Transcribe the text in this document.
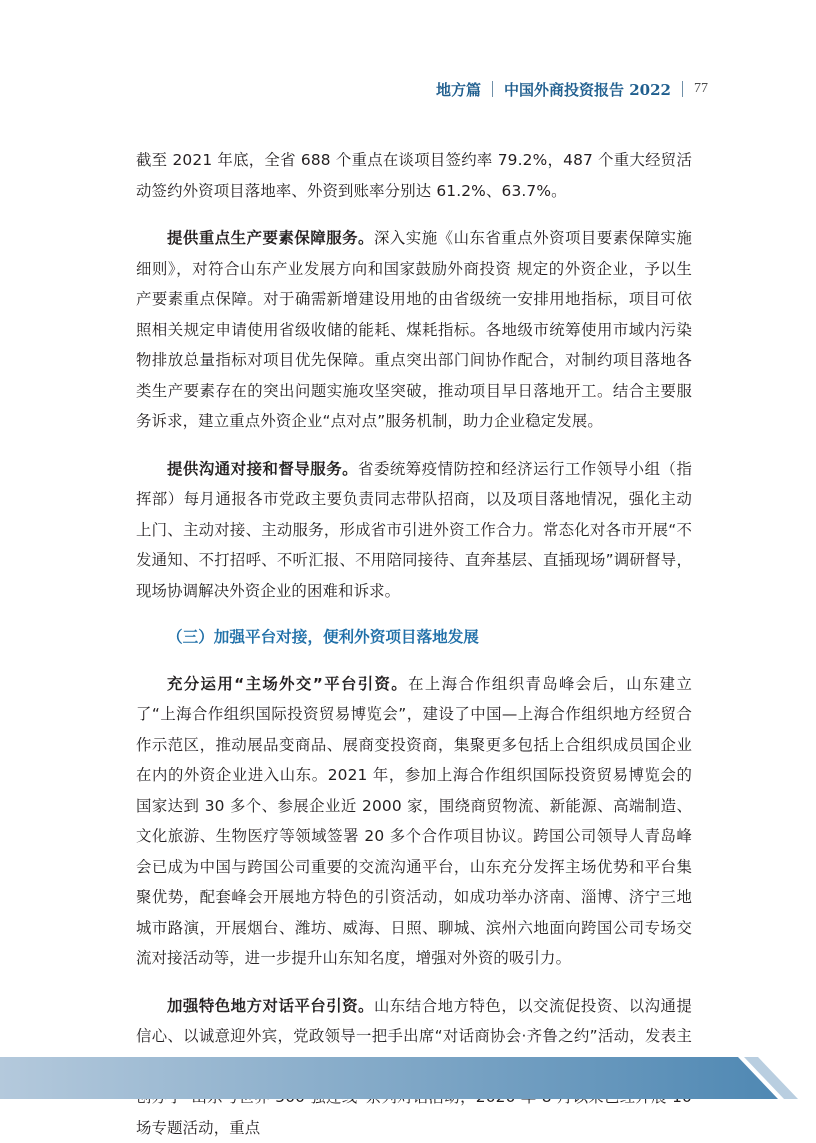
地方篇 中国外商投资报告 2022 77

截至 2021 年底，全省 688 个重点在谈项目签约率 79.2%，487 个重大经贸活动签约外资项目落地率、外资到账率分别达 61.2%、63.7%。

提供重点生产要素保障服务。深入实施《山东省重点外资项目要素保障实施细则》，对符合山东产业发展方向和国家鼓励外商投资 规定的外资企业，予以生产要素重点保障。对于确需新增建设用地的由省级统一安排用地指标，项目可依照相关规定申请使用省级收储的能耗、煤耗指标。各地级市统筹使用市域内污染物排放总量指标对项目优先保障。重点突出部门间协作配合，对制约项目落地各类生产要素存在的突出问题实施攻坚突破，推动项目早日落地开工。结合主要服务诉求，建立重点外资企业“点对点”服务机制，助力企业稳定发展。

提供沟通对接和督导服务。省委统筹疫情防控和经济运行工作领导小组（指挥部）每月通报各市党政主要负责同志带队招商，以及项目落地情况，强化主动上门、主动对接、主动服务，形成省市引进外资工作合力。常态化对各市开展“不发通知、不打招呼、不听汇报、不用陪同接待、直奔基层、直插现场”调研督导，现场协调解决外资企业的困难和诉求。

（三）加强平台对接，便利外资项目落地发展

充分运用“主场外交”平台引资。在上海合作组织青岛峰会后，山东建立了“上海合作组织国际投资贸易博览会”，建设了中国—上海合作组织地方经贸合作示范区，推动展品变商品、展商变投资商，集聚更多包括上合组织成员国企业在内的外资企业进入山东。2021 年，参加上海合作组织国际投资贸易博览会的国家达到 30 多个、参展企业近 2000 家，围绕商贸物流、新能源、高端制造、文化旅游、生物医疗等领域签署 20 多个合作项目协议。跨国公司领导人青岛峰会已成为中国与跨国公司重要的交流沟通平台，山东充分发挥主场优势和平台集聚优势，配套峰会开展地方特色的引资活动，如成功举办济南、淄博、济宁三地城市路演，开展烟台、潍坊、威海、日照、聊城、滨州六地面向跨国公司专场交流对接活动等，进一步提升山东知名度，增强对外资的吸引力。

加强特色地方对话平台引资。山东结合地方特色，以交流促投资、以沟通提信心、以诚意迎外宾，党政领导一把手出席“对话商协会·齐鲁之约”活动，发表主 场专题活动，重点
